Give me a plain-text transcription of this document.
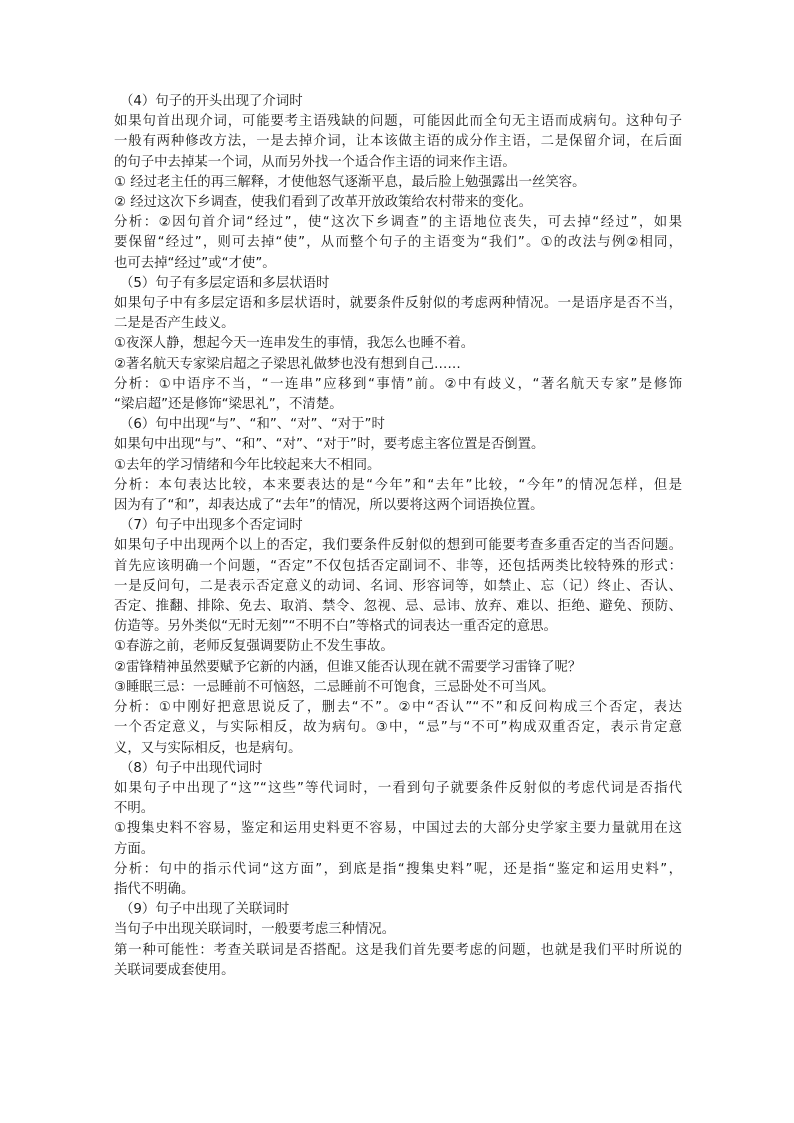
（4）句子的开头出现了介词时

如果句首出现介词，可能要考主语残缺的问题，可能因此而全句无主语而成病句。这种句子

一般有两种修改方法，一是去掉介词，让本该做主语的成分作主语，二是保留介词，在后面

的句子中去掉某一个词，从而另外找一个适合作主语的词来作主语。

① 经过老主任的再三解释，才使他怒气逐渐平息，最后脸上勉强露出一丝笑容。

② 经过这次下乡调查，使我们看到了改革开放政策给农村带来的变化。

分析：②因句首介词“经过”，使“这次下乡调查”的主语地位丧失，可去掉“经过”，如果

要保留“经过”，则可去掉“使”，从而整个句子的主语变为“我们”。①的改法与例②相同，

也可去掉“经过”或“才使”。

（5）句子有多层定语和多层状语时

如果句子中有多层定语和多层状语时，就要条件反射似的考虑两种情况。一是语序是否不当，

二是是否产生歧义。

①夜深人静，想起今天一连串发生的事情，我怎么也睡不着。

②著名航天专家梁启超之子梁思礼做梦也没有想到自己……

分析：①中语序不当，“一连串”应移到“事情”前。②中有歧义，“著名航天专家”是修饰

“梁启超”还是修饰“梁思礼”，不清楚。

（6）句中出现“与”、“和”、“对”、“对于”时

如果句中出现“与”、“和”、“对”、“对于”时，要考虑主客位置是否倒置。

①去年的学习情绪和今年比较起来大不相同。

分析：本句表达比较，本来要表达的是“今年”和“去年”比较，“今年”的情况怎样，但是

因为有了“和”，却表达成了“去年”的情况，所以要将这两个词语换位置。

（7）句子中出现多个否定词时

如果句子中出现两个以上的否定，我们要条件反射似的想到可能要考查多重否定的当否问题。

首先应该明确一个问题，“否定”不仅包括否定副词不、非等，还包括两类比较特殊的形式：

一是反问句，二是表示否定意义的动词、名词、形容词等，如禁止、忘（记）终止、否认、

否定、推翻、排除、免去、取消、禁令、忽视、忌、忌讳、放弃、难以、拒绝、避免、预防、

仿造等。另外类似“无时无刻”“不明不白”等格式的词表达一重否定的意思。

①春游之前，老师反复强调要防止不发生事故。

②雷锋精神虽然要赋予它新的内涵，但谁又能否认现在就不需要学习雷锋了呢？

③睡眠三忌：一忌睡前不可恼怒，二忌睡前不可饱食，三忌卧处不可当风。

分析：①中刚好把意思说反了，删去“不”。②中“否认”“不”和反问构成三个否定，表达

一个否定意义，与实际相反，故为病句。③中，“忌”与“不可”构成双重否定，表示肯定意

义，又与实际相反，也是病句。

（8）句子中出现代词时

如果句子中出现了“这”“这些”等代词时，一看到句子就要条件反射似的考虑代词是否指代

不明。

①搜集史料不容易，鉴定和运用史料更不容易，中国过去的大部分史学家主要力量就用在这

方面。

分析：句中的指示代词“这方面”，到底是指“搜集史料”呢，还是指“鉴定和运用史料”，

指代不明确。

（9）句子中出现了关联词时

当句子中出现关联词时，一般要考虑三种情况。

第一种可能性：考查关联词是否搭配。这是我们首先要考虑的问题，也就是我们平时所说的

关联词要成套使用。
